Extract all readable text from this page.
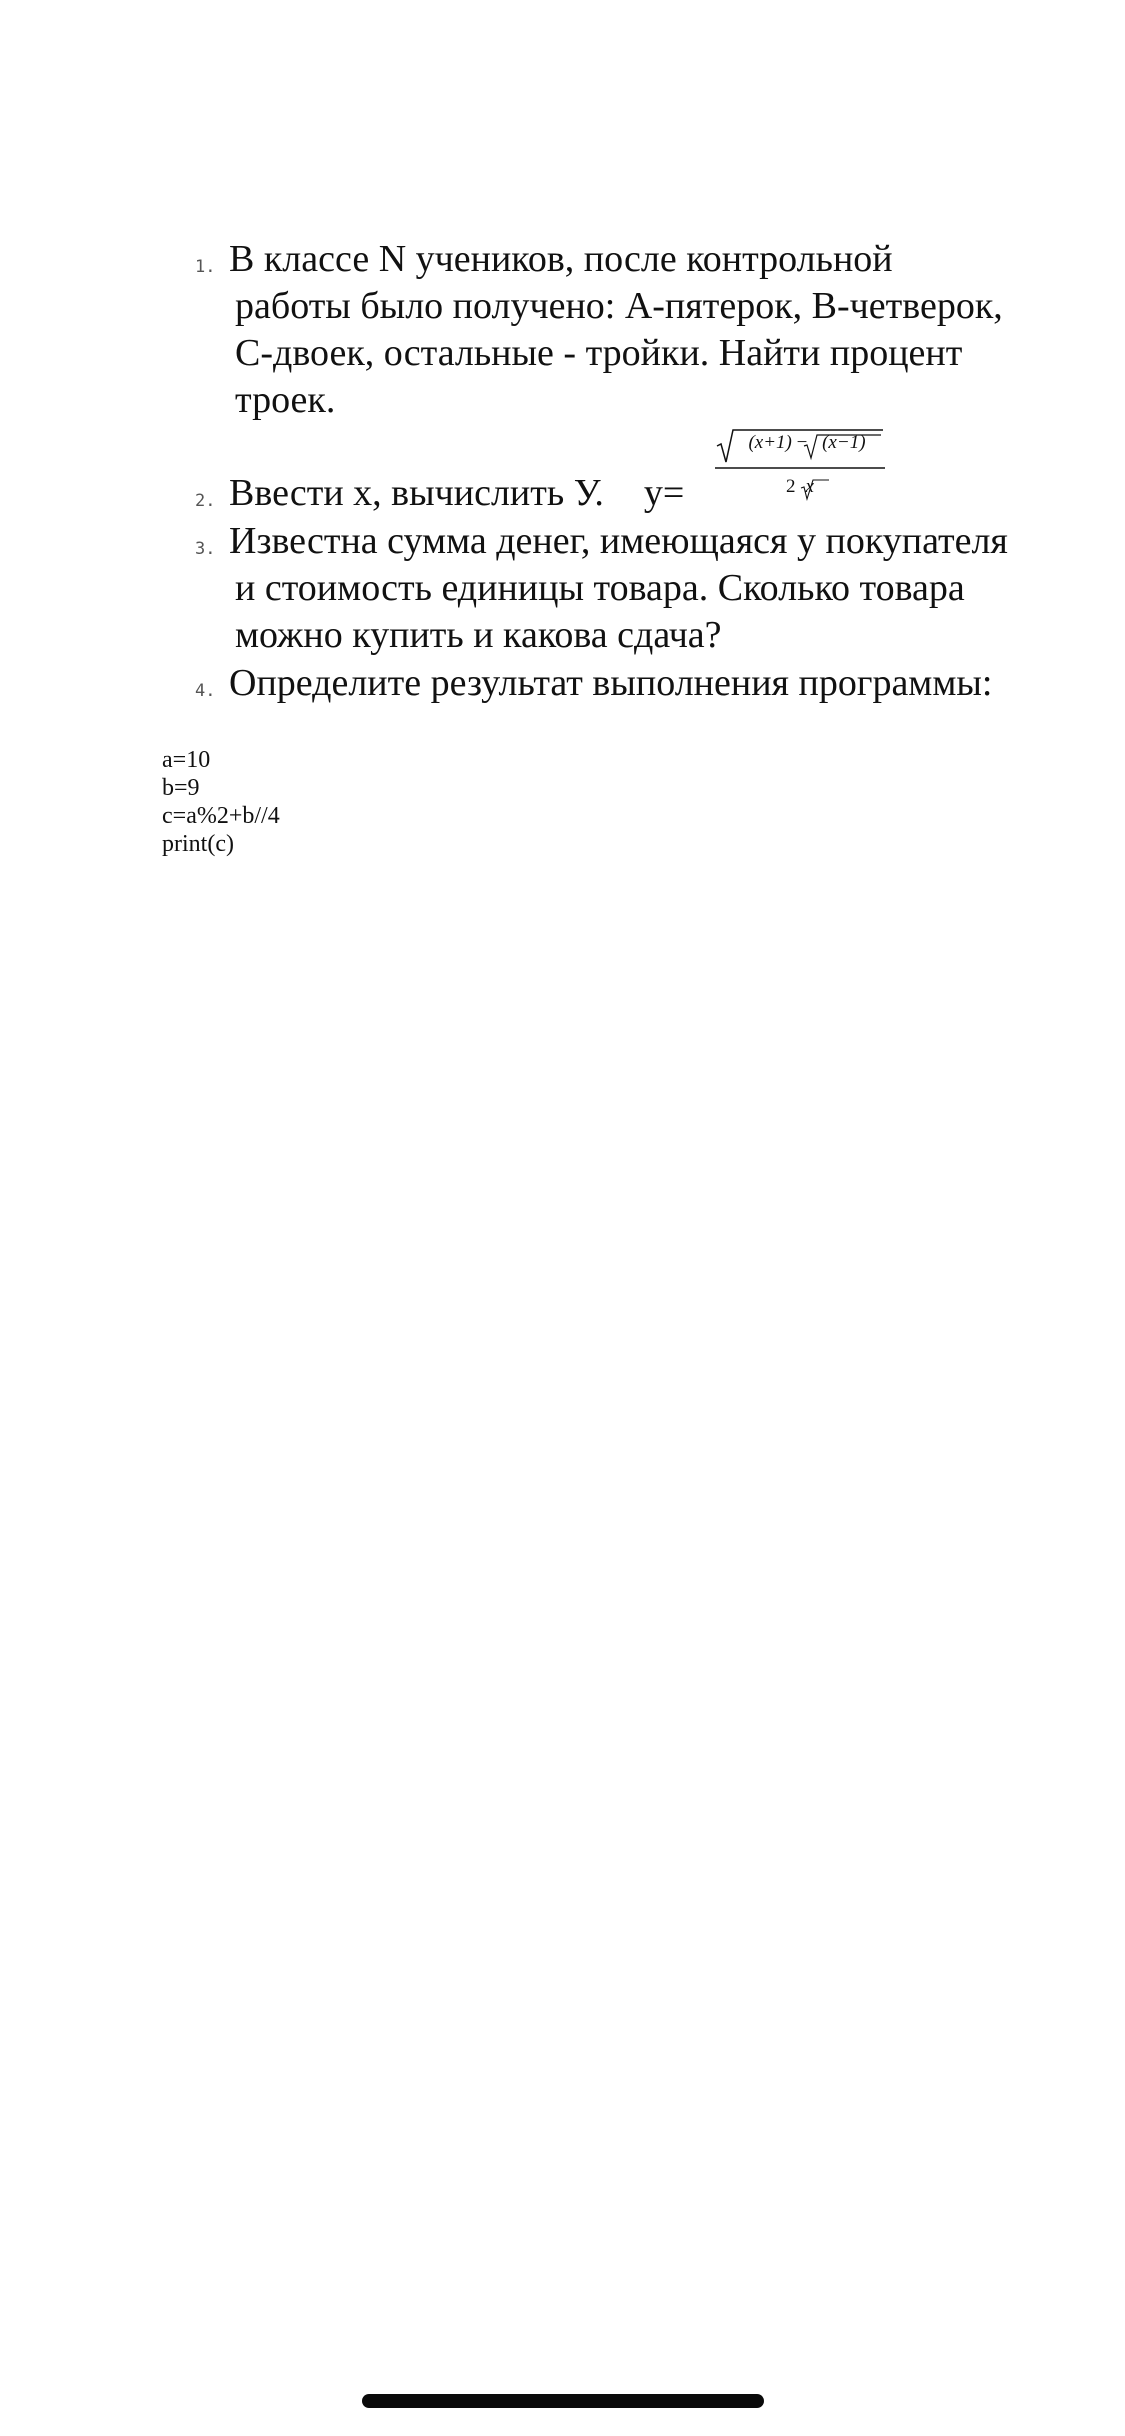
1. В классе N учеников, после контрольной
работы было получено: A-пятерок, B-четверок,
C-двоек, остальные - тройки. Найти процент
троек.
2. Ввести x, вычислить У. y=
(x+1) − (x−1)
2 x
3. Известна сумма денег, имеющаяся у покупателя
и стоимость единицы товара. Сколько товара
можно купить и какова сдача?
4. Определите результат выполнения программы:
a=10
b=9
c=a%2+b//4
print(c)
